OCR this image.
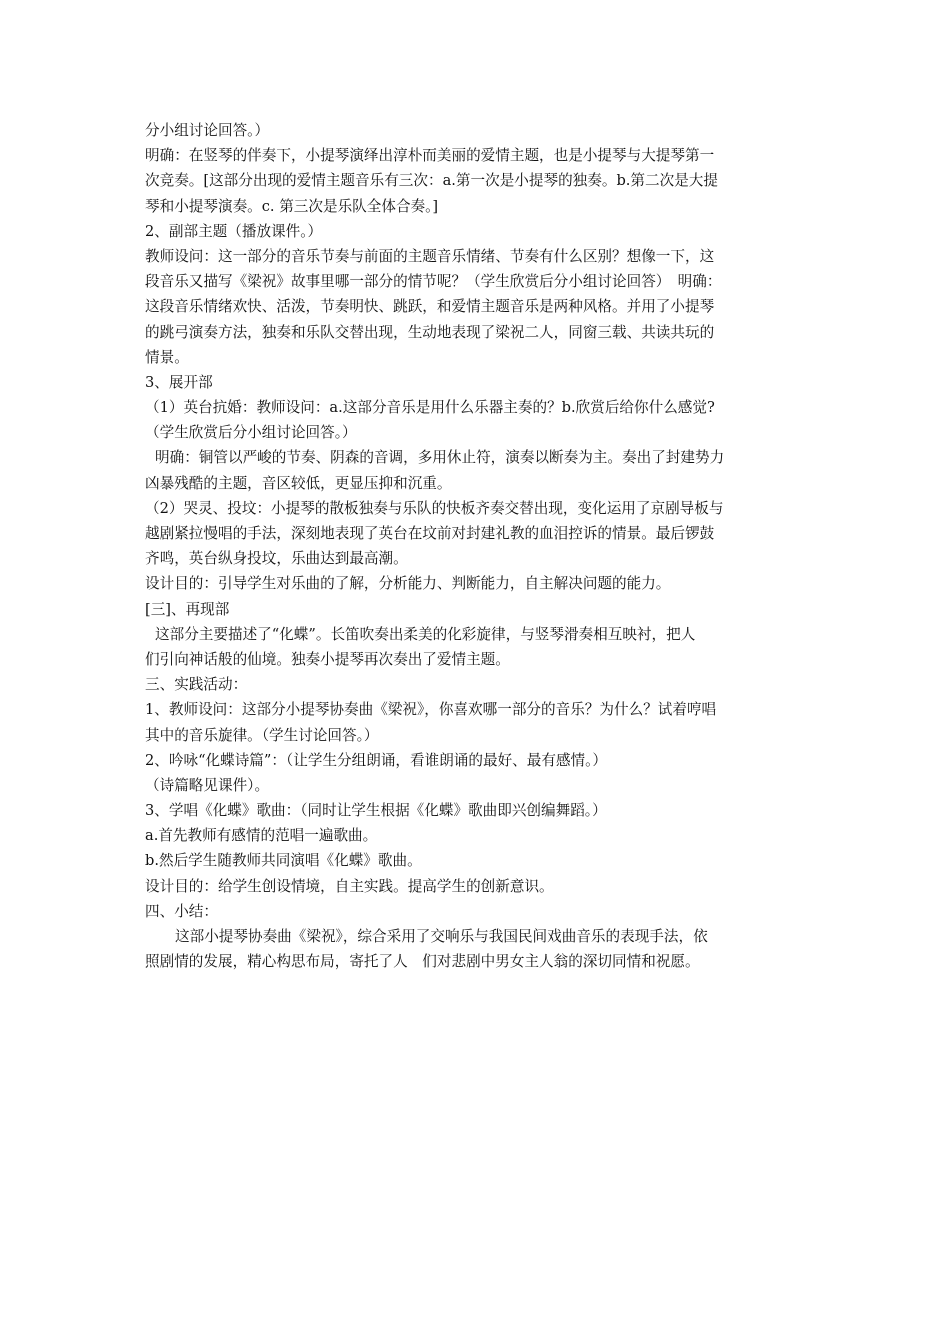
分小组讨论回答。）
明确：在竖琴的伴奏下，小提琴演绎出淳朴而美丽的爱情主题，也是小提琴与大提琴第一
次竞奏。[这部分出现的爱情主题音乐有三次：a.第一次是小提琴的独奏。b.第二次是大提
琴和小提琴演奏。c. 第三次是乐队全体合奏。]
2、副部主题（播放课件。）
教师设问：这一部分的音乐节奏与前面的主题音乐情绪、节奏有什么区别？想像一下，这
段音乐又描写《梁祝》故事里哪一部分的情节呢？（学生欣赏后分小组讨论回答）　明确：
这段音乐情绪欢快、活泼，节奏明快、跳跃，和爱情主题音乐是两种风格。并用了小提琴
的跳弓演奏方法，独奏和乐队交替出现，生动地表现了梁祝二人，同窗三载、共读共玩的
情景。
3、展开部
（1）英台抗婚：教师设问：a.这部分音乐是用什么乐器主奏的？b.欣赏后给你什么感觉?
（学生欣赏后分小组讨论回答。）
明确：铜管以严峻的节奏、阴森的音调，多用休止符，演奏以断奏为主。奏出了封建势力
凶暴残酷的主题，音区较低，更显压抑和沉重。
（2）哭灵、投坟：小提琴的散板独奏与乐队的快板齐奏交替出现，变化运用了京剧导板与
越剧紧拉慢唱的手法，深刻地表现了英台在坟前对封建礼教的血泪控诉的情景。最后锣鼓
齐鸣，英台纵身投坟，乐曲达到最高潮。
设计目的：引导学生对乐曲的了解，分析能力、判断能力，自主解决问题的能力。
[三]、再现部
这部分主要描述了“化蝶”。长笛吹奏出柔美的化彩旋律，与竖琴滑奏相互映衬，把人
们引向神话般的仙境。独奏小提琴再次奏出了爱情主题。
三、实践活动：
1、教师设问：这部分小提琴协奏曲《梁祝》，你喜欢哪一部分的音乐？为什么？试着哼唱
其中的音乐旋律。（学生讨论回答。）
2、吟咏“化蝶诗篇”：（让学生分组朗诵，看谁朗诵的最好、最有感情。）
（诗篇略见课件）。
3、学唱《化蝶》歌曲：（同时让学生根据《化蝶》歌曲即兴创编舞蹈。）
a.首先教师有感情的范唱一遍歌曲。
b.然后学生随教师共同演唱《化蝶》歌曲。
设计目的：给学生创设情境，自主实践。提高学生的创新意识。
四、小结：
这部小提琴协奏曲《梁祝》，综合采用了交响乐与我国民间戏曲音乐的表现手法，依
照剧情的发展，精心构思布局，寄托了人　们对悲剧中男女主人翁的深切同情和祝愿。
